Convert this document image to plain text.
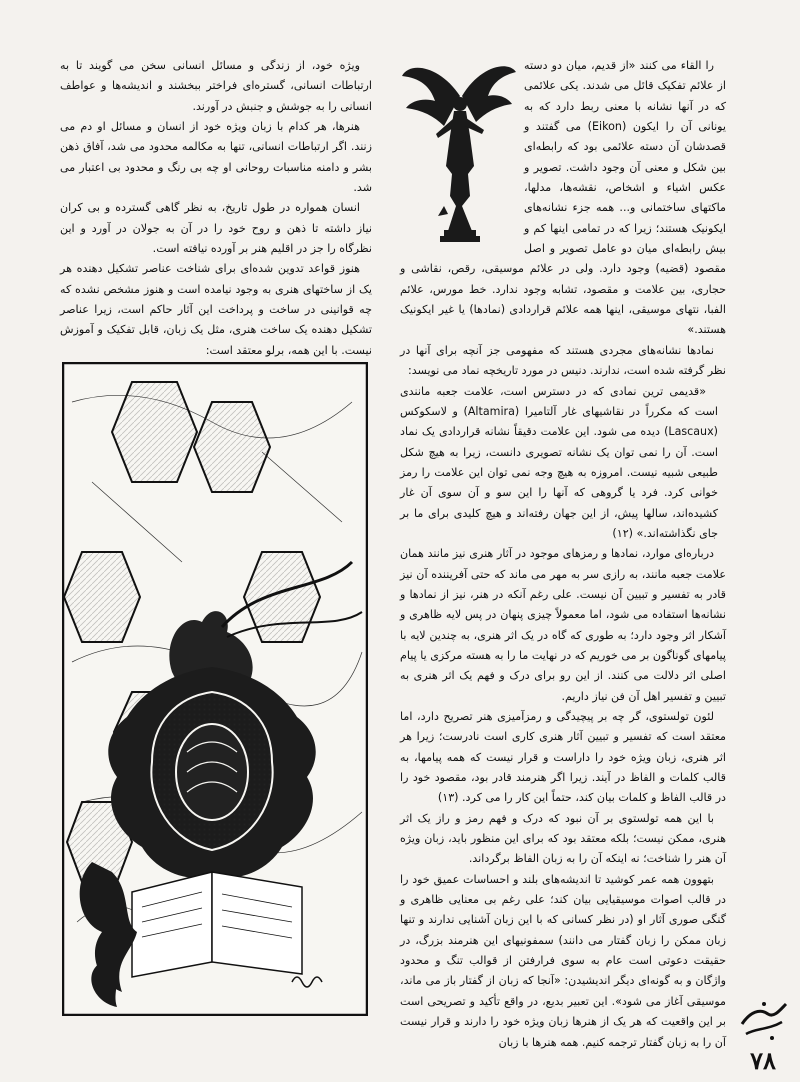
را القاء می کنند «از قدیم، میان دو دسته از علائم تفکیک قائل می شدند. یکی علائمی که در آنها نشانه با معنی ربط دارد که به یونانی آن را ایکون (Eikon) می گفتند و قصدشان آن دسته علائمی بود که رابطه‌ای بین شکل و معنی آن وجود داشت. تصویر و عکس اشیاء و اشخاص، نقشه‌ها، مدلها، ماکتهای ساختمانی و... همه جزء نشانه‌های ایکونیک هستند؛ زیرا که در تمامی اینها کم و بیش رابطه‌ای میان دو عامل تصویر و اصل مقصود (قضیه) وجود دارد. ولی در علائم موسیقی، رقص، نقاشی و حجاری، بین علامت و مقصود، تشابه وجود ندارد. خط مورس، علائم الفبا، نتهای موسیقی، اینها همه علائم قراردادی (نمادها) یا غیر ایکونیک هستند.»

نمادها نشانه‌های مجردی هستند که مفهومی جز آنچه برای آنها در نظر گرفته شده است، ندارند. دنیس در مورد تاریخچه نماد می نویسد:

«قدیمی ترین نمادی که در دسترس است، علامت جعبه مانندی است که مکرراً در نقاشیهای غار آلتامیرا (Altamira) و لاسکوکس (Lascaux) دیده می شود. این علامت دقیقاً نشانه قراردادی یک نماد است. آن را نمی توان یک نشانه تصویری دانست، زیرا به هیچ شکل طبیعی شبیه نیست. امروزه به هیچ وجه نمی توان این علامت را رمز خوانی کرد. فرد یا گروهی که آنها را این سو و آن سوی آن غار کشیده‌اند، سالها پیش، از این جهان رفته‌اند و هیچ کلیدی برای ما بر جای نگذاشته‌اند.» (۱۲)

درباره‌ای موارد، نمادها و رمزهای موجود در آثار هنری نیز مانند همان علامت جعبه مانند، به رازی سر به مهر می ماند که حتی آفریننده آن نیز قادر به تفسیر و تبیین آن نیست. علی رغم آنکه در هنر، نیز از نمادها و نشانه‌ها استفاده می شود، اما معمولاً چیزی پنهان در پس لایه ظاهری و آشکار اثر وجود دارد؛ به طوری که گاه در یک اثر هنری، به چندین لایه با پیامهای گوناگون بر می خوریم که در نهایت ما را به هسته مرکزی یا پیام اصلی اثر دلالت می کنند. از این رو برای درک و فهم یک اثر هنری به تبیین و تفسیر اهل آن فن نیاز داریم.

لئون تولستوی، گر چه بر پیچیدگی و رمزآمیزی هنر تصریح دارد، اما معتقد است که تفسیر و تبیین آثار هنری کاری است نادرست؛ زیرا هر اثر هنری، زبان ویژه خود را داراست و قرار نیست که همه پیامها، به قالب کلمات و الفاظ در آیند. زیرا اگر هنرمند قادر بود، مقصود خود را در قالب الفاظ و کلمات بیان کند، حتماً این کار را می کرد. (۱۳)

با این همه تولستوی بر آن نبود که درک و فهم رمز و راز یک اثر هنری، ممکن نیست؛ بلکه معتقد بود که برای این منظور باید، زبان ویژه آن هنر را شناخت؛ نه اینکه آن را به زبان الفاظ برگرداند.

بتهوون همه عمر کوشید تا اندیشه‌های بلند و احساسات عمیق خود را در قالب اصوات موسیقیایی بیان کند؛ علی رغم بی معنایی ظاهری و گنگی صوری آثار او (در نظر کسانی که با این زبان آشنایی ندارند و تنها زبان ممکن را زبان گفتار می دانند) سمفونیهای این هنرمند بزرگ، در حقیقت دعوتی است عام به سوی فرارفتن از قوالب تنگ و محدود واژگان و به گونه‌ای دیگر اندیشیدن: «آنجا که زبان از گفتار باز می ماند، موسیقی آغاز می شود». این تعبیر بدیع، در واقع تأکید و تصریحی است بر این واقعیت که هر یک از هنرها زبان ویژه خود را دارند و قرار نیست آن را به زبان گفتار ترجمه کنیم. همه هنرها با زبان

ویژه خود، از زندگی و مسائل انسانی سخن می گویند تا به ارتباطات انسانی، گستره‌ای فراختر ببخشند و اندیشه‌ها و عواطف انسانی را به جوشش و جنبش در آورند.

هنرها، هر کدام با زبان ویژه خود از انسان و مسائل او دم می زنند. اگر ارتباطات انسانی، تنها به مکالمه محدود می شد، آفاق ذهن بشر و دامنه مناسبات روحانی او چه بی رنگ و محدود بی اعتبار می شد.

انسان همواره در طول تاریخ، به نظر گاهی گسترده و بی کران نیاز داشته تا ذهن و روح خود را در آن به جولان در آورد و این نظرگاه را جز در اقلیم هنر بر آورده نیافته است.

هنوز قواعد تدوین شده‌ای برای شناخت عناصر تشکیل دهنده هر یک از ساختهای هنری به وجود نیامده است و هنوز مشخص نشده که چه قوانینی در ساخت و پرداخت این آثار حاکم است، زیرا عناصر تشکیل دهنده یک ساخت هنری، مثل یک زبان، قابل تفکیک و آموزش نیست. با این همه، برلو معتقد است:

۷۸
